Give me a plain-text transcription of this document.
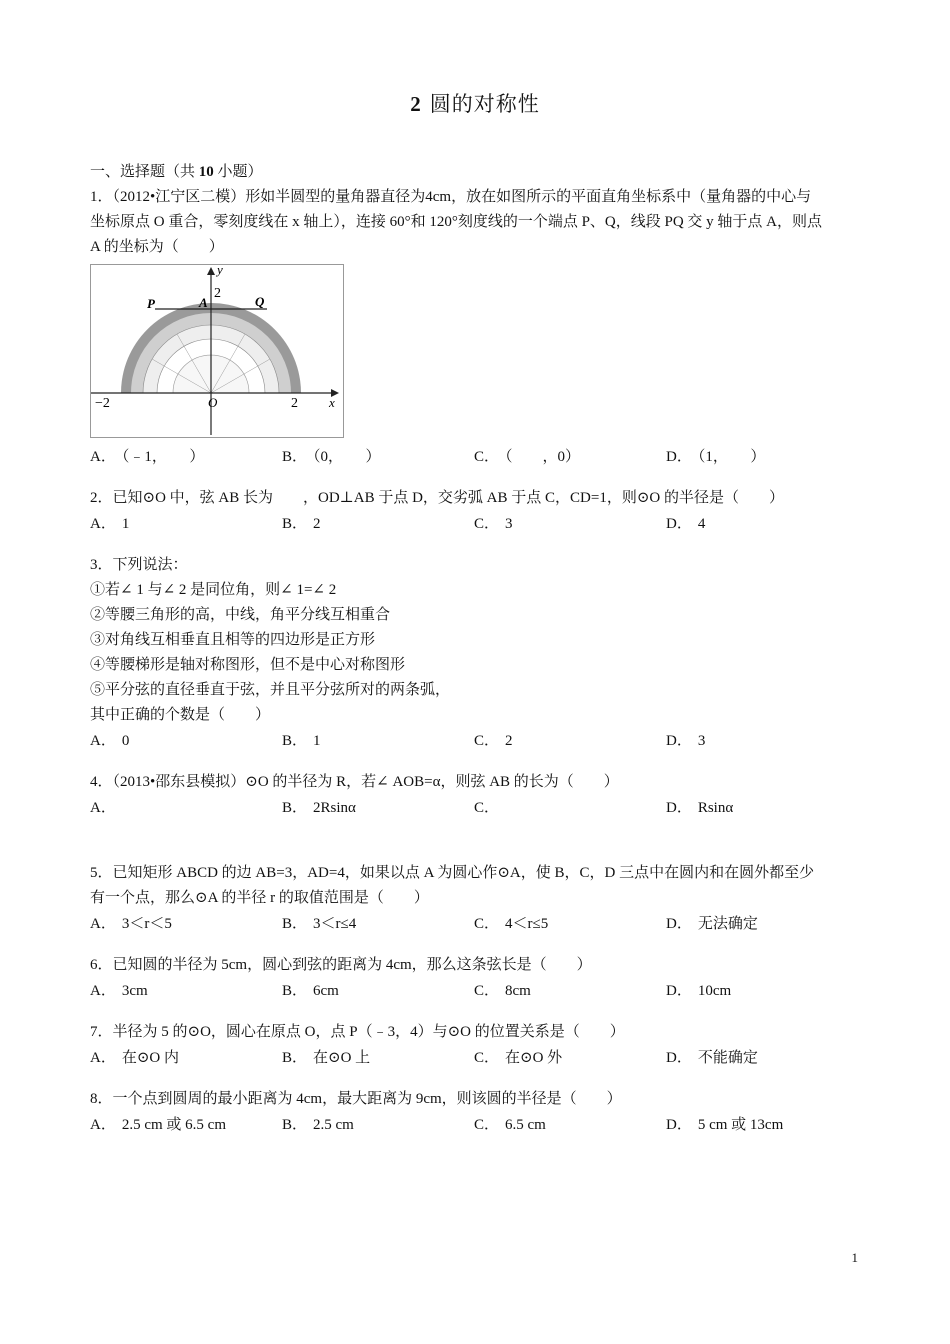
2 圆的对称性
一、选择题（共 10 小题）
1．（2012•江宁区二模）形如半圆型的量角器直径为4cm，放在如图所示的平面直角坐标系中（量角器的中心与
坐标原点 O 重合，零刻度线在 x 轴上），连接 60°和 120°刻度线的一个端点 P、Q，线段 PQ 交 y 轴于点 A，则点
A 的坐标为（　　）
y
x
−2	2
2
O
P	Q
A
A． （﹣1，　　）	B． （0，　　）	C． （　　，0）	D． （1，　　）
2．已知⊙O 中，弦 AB 长为　　，OD⊥AB 于点 D，交劣弧 AB 于点 C，CD=1，则⊙O 的半径是（　　）
A． 1	B． 2	C． 3	D． 4
3．下列说法：
①若∠ 1 与∠ 2 是同位角，则∠ 1=∠ 2
②等腰三角形的高，中线，角平分线互相重合
③对角线互相垂直且相等的四边形是正方形
④等腰梯形是轴对称图形，但不是中心对称图形
⑤平分弦的直径垂直于弦，并且平分弦所对的两条弧，
其中正确的个数是（　　）
A． 0	B． 1	C． 2	D． 3
4．（2013•邵东县模拟）⊙O 的半径为 R，若∠ AOB=α，则弦 AB 的长为（　　）
A．	B． 2Rsinα	C．	D． Rsinα
5．已知矩形 ABCD 的边 AB=3，AD=4，如果以点 A 为圆心作⊙A，使 B，C，D 三点中在圆内和在圆外都至少
有一个点，那么⊙A 的半径 r 的取值范围是（　　）
A． 3＜r＜5	B． 3＜r≤4	C． 4＜r≤5	D． 无法确定
6．已知圆的半径为 5cm，圆心到弦的距离为 4cm，那么这条弦长是（　　）
A． 3cm	B． 6cm	C． 8cm	D． 10cm
7．半径为 5 的⊙O，圆心在原点 O，点 P（﹣3，4）与⊙O 的位置关系是（　　）
A． 在⊙O 内	B． 在⊙O 上	C． 在⊙O 外	D． 不能确定
8．一个点到圆周的最小距离为 4cm，最大距离为 9cm，则该圆的半径是（　　）
A． 2.5 cm 或 6.5 cm	B． 2.5 cm	C． 6.5 cm	D． 5 cm 或 13cm
1
